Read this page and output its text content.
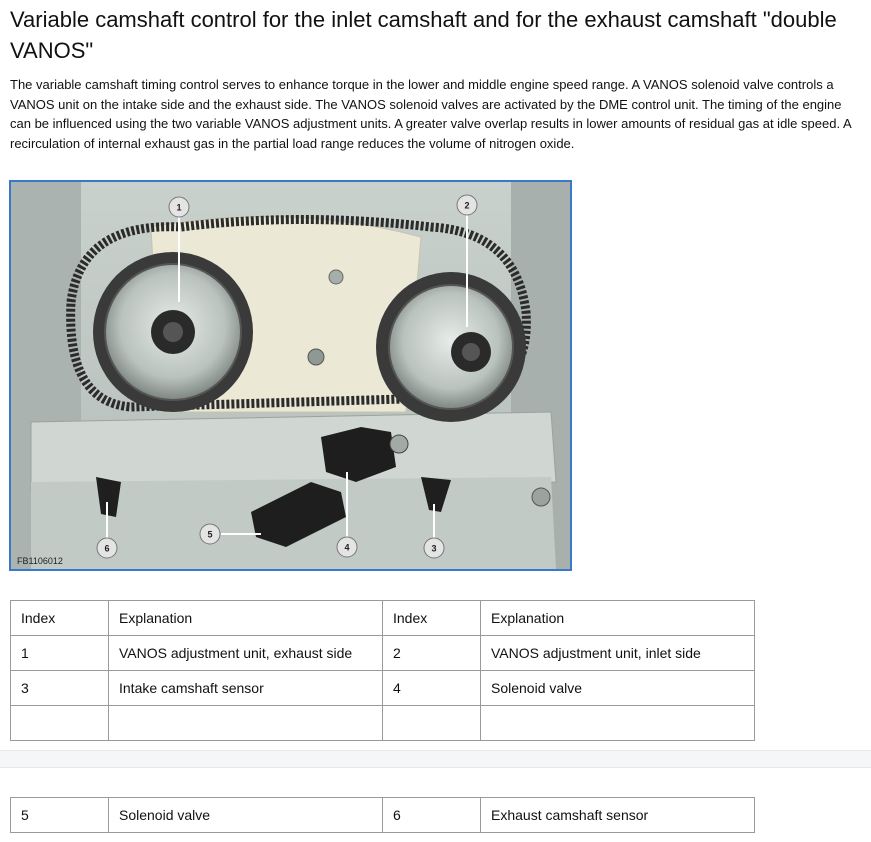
Variable camshaft control for the inlet camshaft and for the exhaust camshaft "double VANOS"

The variable camshaft timing control serves to enhance torque in the lower and middle engine speed range. A VANOS solenoid valve controls a VANOS unit on the intake side and the exhaust side. The VANOS solenoid valves are activated by the DME control unit. The timing of the engine can be influenced using the two variable VANOS adjustment units. A greater valve overlap results in lower amounts of residual gas at idle speed. A recirculation of internal exhaust gas in the partial load range reduces the volume of nitrogen oxide.

1	2
3
4
5
6
FB1106012
Index	Explanation	Index	Explanation
1	VANOS adjustment unit, exhaust side	2	VANOS adjustment unit, inlet side
3	Intake camshaft sensor	4	Solenoid valve

5	Solenoid valve	6	Exhaust camshaft sensor
